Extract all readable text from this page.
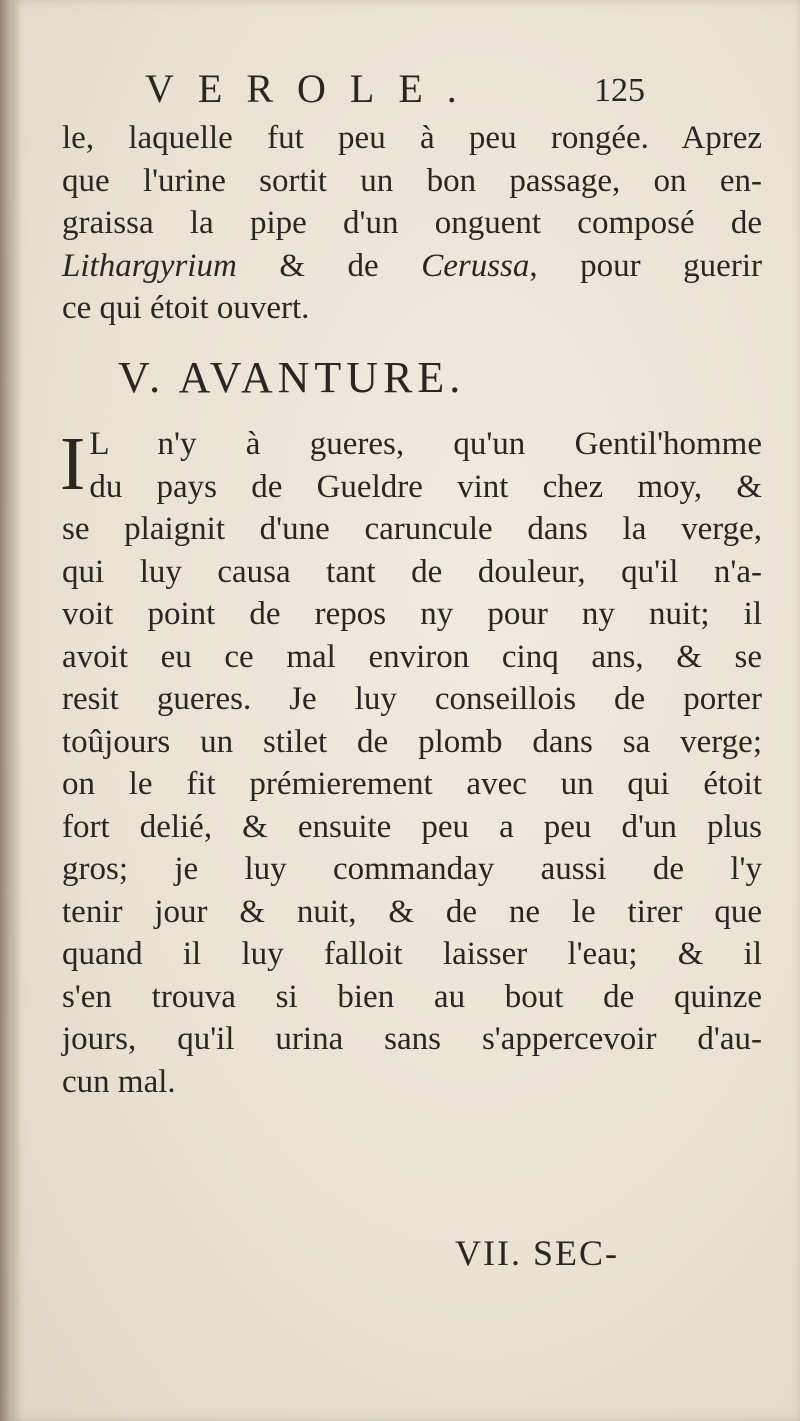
VEROLE.	125
le, laquelle fut peu à peu rongée. Aprez
que l'urine sortit un bon passage, on en-
graissa la pipe d'un onguent composé de
Lithargyrium & de Cerussa, pour guerir
ce qui étoit ouvert.
V. AVANTURE.
I L n'y à gueres, qu'un Gentil'homme
du pays de Gueldre vint chez moy, &
se plaignit d'une caruncule dans la verge,
qui luy causa tant de douleur, qu'il n'a-
voit point de repos ny pour ny nuit; il
avoit eu ce mal environ cinq ans, & se
resit gueres. Je luy conseillois de porter
toûjours un stilet de plomb dans sa verge;
on le fit prémierement avec un qui étoit
fort delié, & ensuite peu a peu d'un plus
gros; je luy commanday aussi de l'y
tenir jour & nuit, & de ne le tirer que
quand il luy falloit laisser l'eau; & il
s'en trouva si bien au bout de quinze
jours, qu'il urina sans s'appercevoir d'au-
cun mal.
VII. SEC-
